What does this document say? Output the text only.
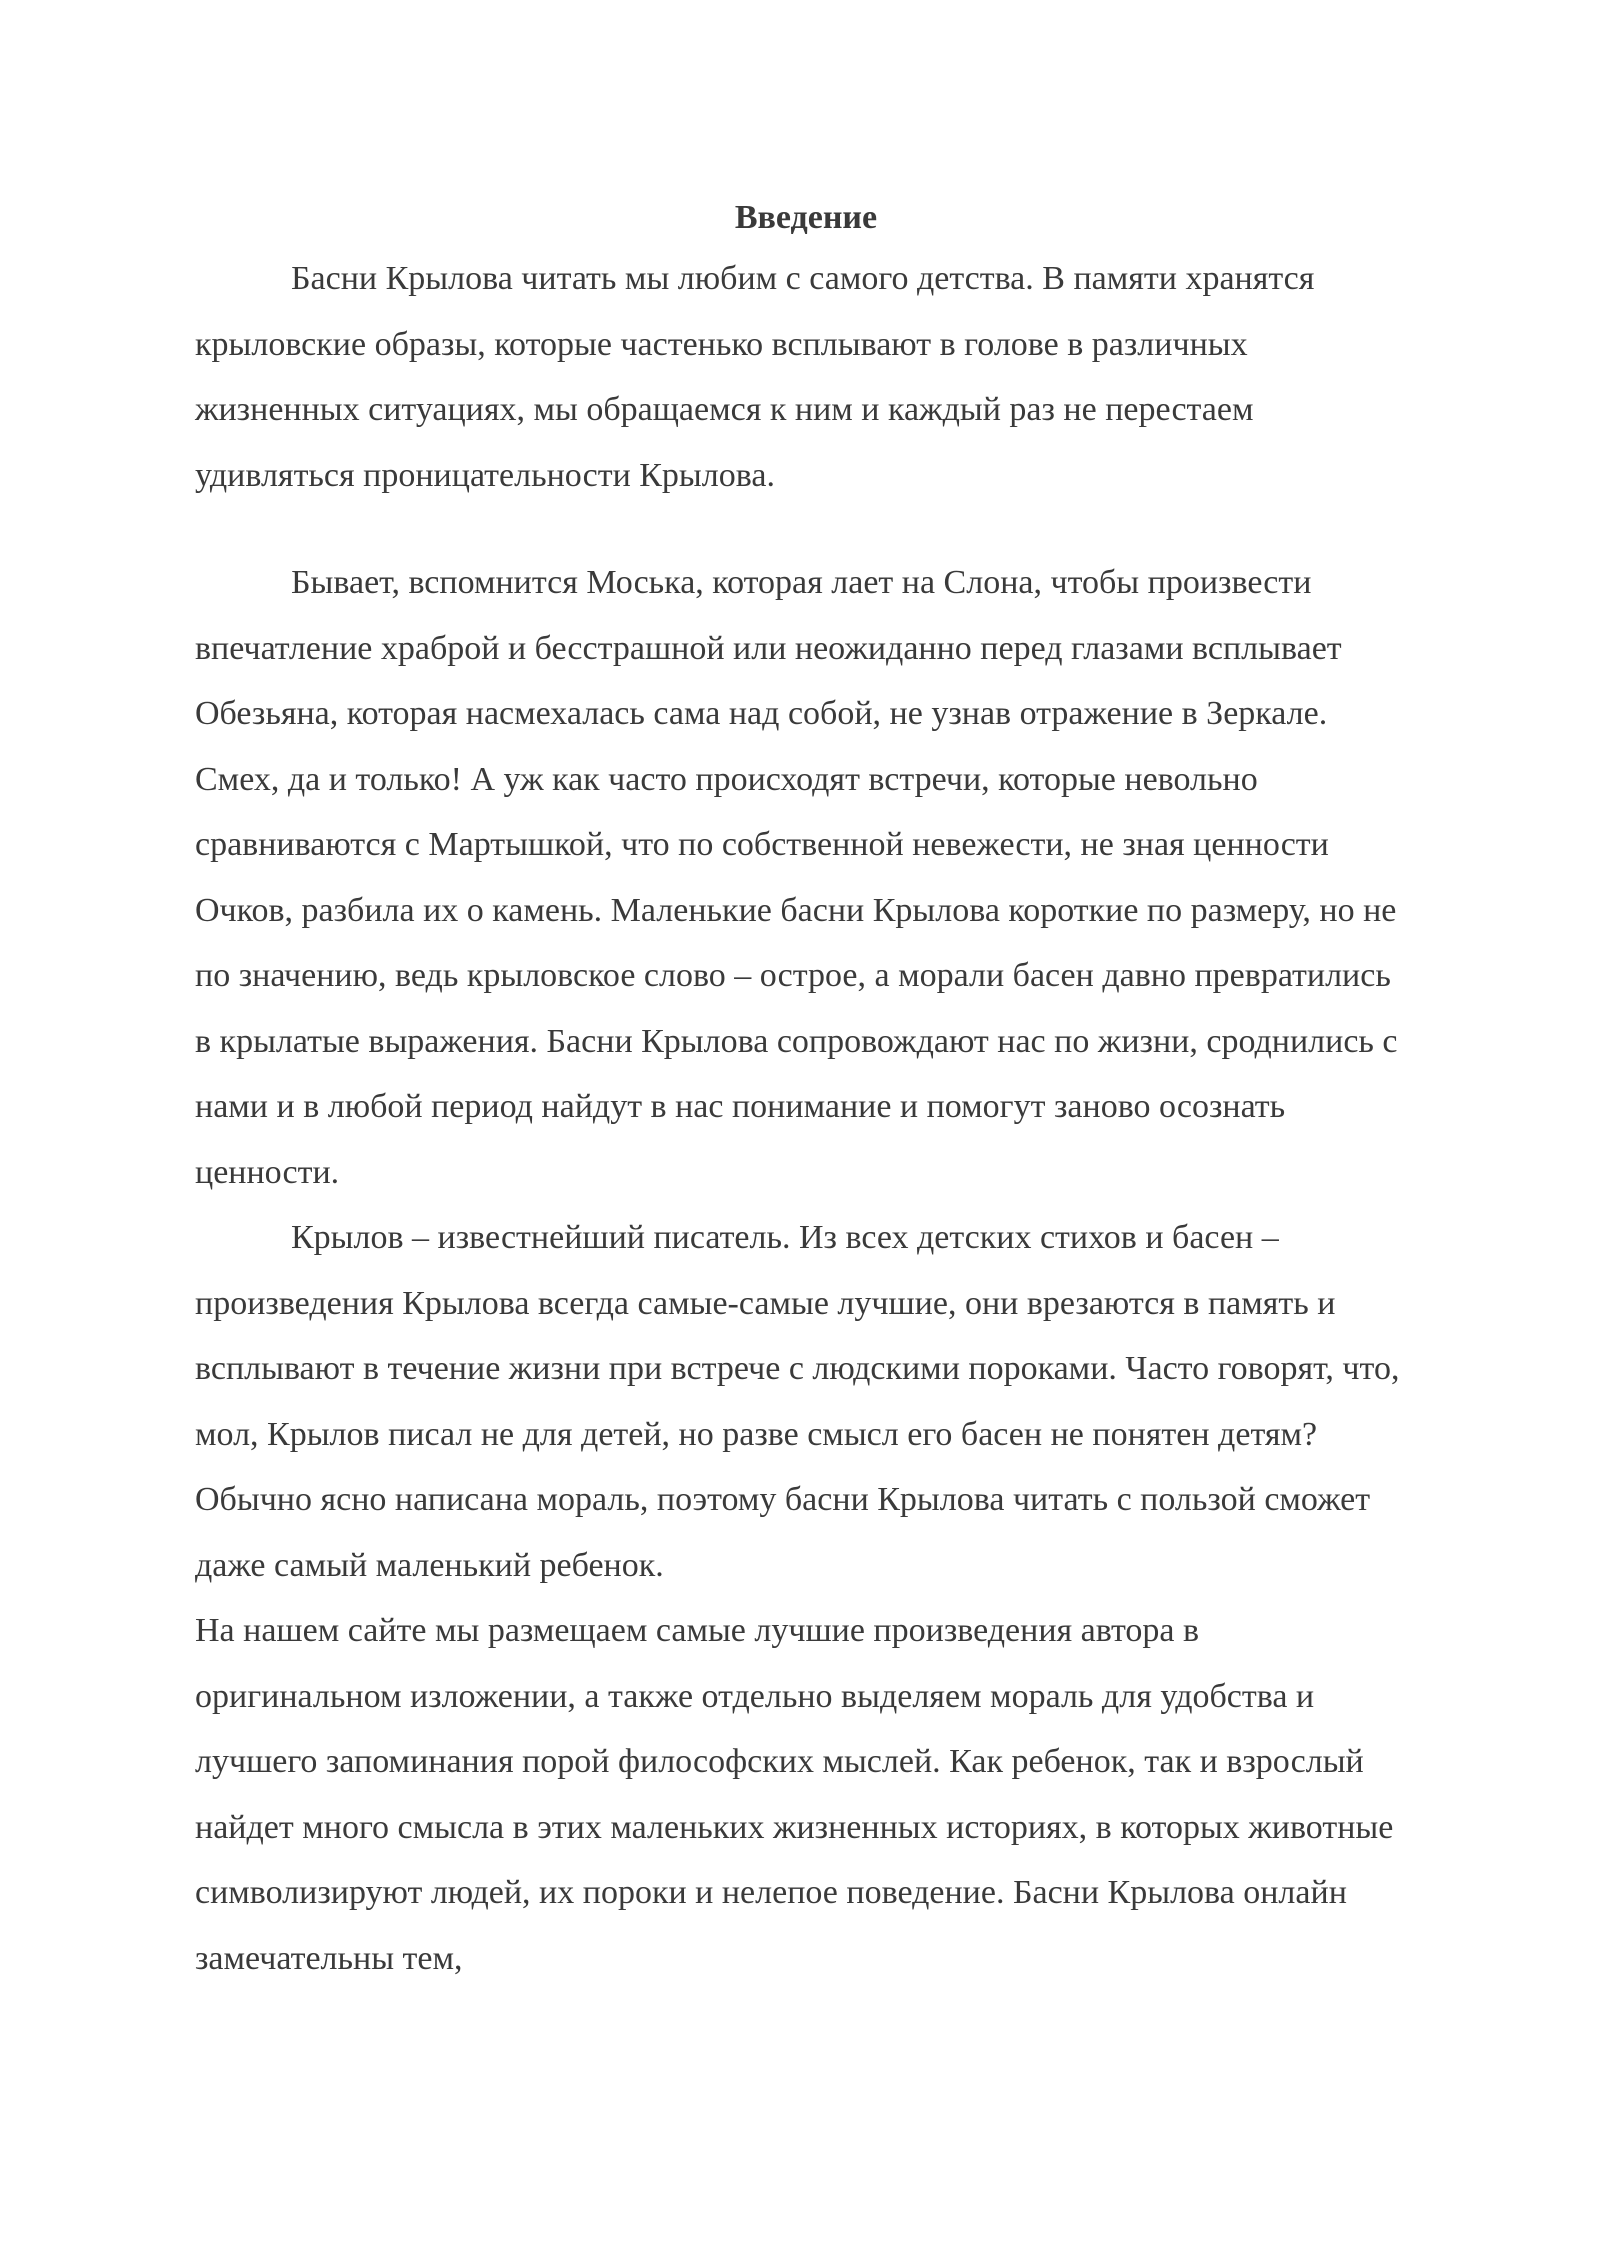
Введение

Басни Крылова читать мы любим с самого детства. В памяти хранятся крыловские образы, которые частенько всплывают в голове в различных жизненных ситуациях, мы обращаемся к ним и каждый раз не перестаем удивляться проницательности Крылова.

Бывает, вспомнится Моська, которая лает на Слона, чтобы произвести впечатление храброй и бесстрашной или неожиданно перед глазами всплывает Обезьяна, которая насмехалась сама над собой, не узнав отражение в Зеркале. Смех, да и только! А уж как часто происходят встречи, которые невольно сравниваются с Мартышкой, что по собственной невежести, не зная ценности Очков, разбила их о камень. Маленькие басни Крылова короткие по размеру, но не по значению, ведь крыловское слово – острое, а морали басен давно превратились в крылатые выражения. Басни Крылова сопровождают нас по жизни, сроднились с нами и в любой период найдут в нас понимание и помогут заново осознать ценности.

Крылов – известнейший писатель. Из всех детских стихов и басен – произведения Крылова всегда самые-самые лучшие, они врезаются в память и всплывают в течение жизни при встрече с людскими пороками. Часто говорят, что, мол, Крылов писал не для детей, но разве смысл его басен не понятен детям? Обычно ясно написана мораль, поэтому басни Крылова читать с пользой сможет даже самый маленький ребенок.

На нашем сайте мы размещаем самые лучшие произведения автора в оригинальном изложении, а также отдельно выделяем мораль для удобства и лучшего запоминания порой философских мыслей. Как ребенок, так и взрослый найдет много смысла в этих маленьких жизненных историях, в которых животные символизируют людей, их пороки и нелепое поведение. Басни Крылова онлайн замечательны тем,
